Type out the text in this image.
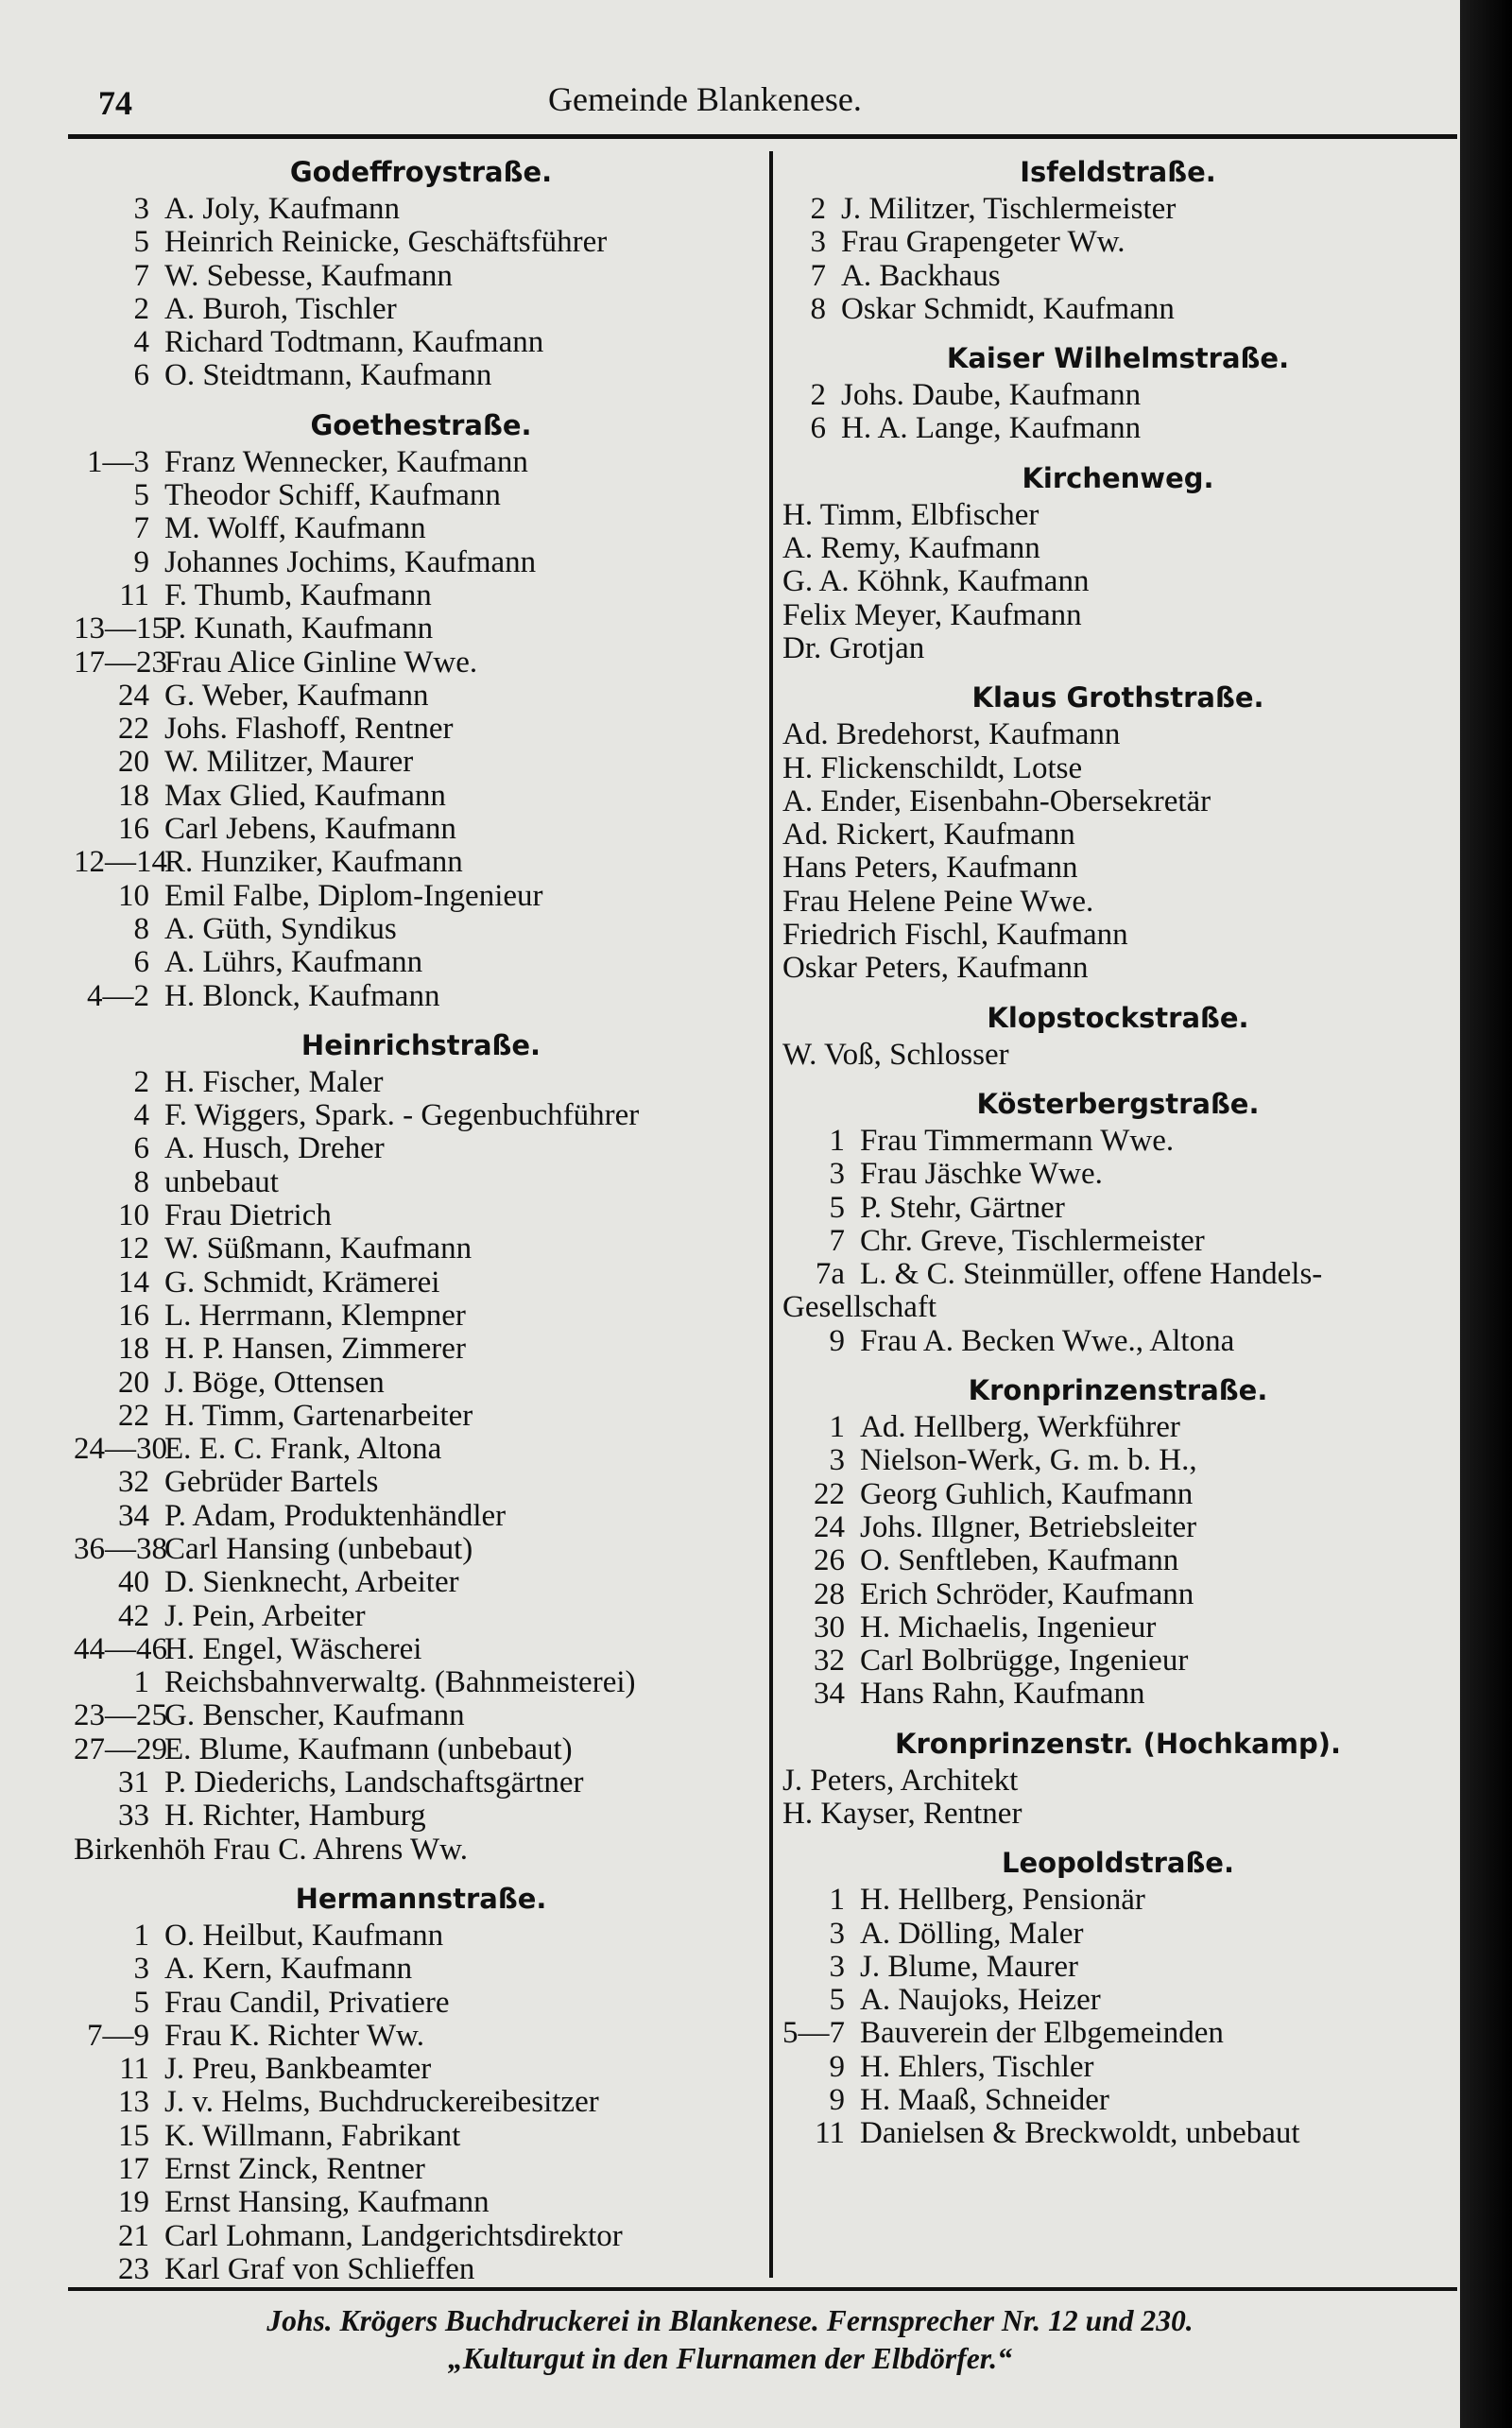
74	Gemeinde Blankenese.
Godeffroystraße.
3 A. Joly, Kaufmann
5 Heinrich Reinicke, Geschäftsführer
7 W. Sebesse, Kaufmann
2 A. Buroh, Tischler
4 Richard Todtmann, Kaufmann
6 O. Steidtmann, Kaufmann
Goethestraße.
1—3 Franz Wennecker, Kaufmann
5 Theodor Schiff, Kaufmann
7 M. Wolff, Kaufmann
9 Johannes Jochims, Kaufmann
11 F. Thumb, Kaufmann
13—15
P. Kunath, Kaufmann
17—23
Frau Alice Ginline Wwe.
24 G. Weber, Kaufmann
22 Johs. Flashoff, Rentner
20 W. Militzer, Maurer
18 Max Glied, Kaufmann
16 Carl Jebens, Kaufmann
12—14
R. Hunziker, Kaufmann
10 Emil Falbe, Diplom-Ingenieur
8 A. Güth, Syndikus
6 A. Lührs, Kaufmann
4—2 H. Blonck, Kaufmann
Heinrichstraße.
2 H. Fischer, Maler
4 F. Wiggers, Spark. - Gegenbuchführer
6 A. Husch, Dreher
8 unbebaut
10 Frau Dietrich
12 W. Süßmann, Kaufmann
14 G. Schmidt, Krämerei
16 L. Herrmann, Klempner
18 H. P. Hansen, Zimmerer
20 J. Böge, Ottensen
22 H. Timm, Gartenarbeiter
24—30
E. E. C. Frank, Altona
32 Gebrüder Bartels
34 P. Adam, Produktenhändler
36—38
Carl Hansing (unbebaut)
40 D. Sienknecht, Arbeiter
42 J. Pein, Arbeiter
44—46
H. Engel, Wäscherei
1 Reichsbahnverwaltg. (Bahnmeisterei)
23—25
G. Benscher, Kaufmann
27—29
E. Blume, Kaufmann (unbebaut)
31 P. Diederichs, Landschaftsgärtner
33 H. Richter, Hamburg
Birkenhöh Frau C. Ahrens Ww.
Hermannstraße.
1 O. Heilbut, Kaufmann
3 A. Kern, Kaufmann
5 Frau Candil, Privatiere
7—9 Frau K. Richter Ww.
11 J. Preu, Bankbeamter
13 J. v. Helms, Buchdruckereibesitzer
15 K. Willmann, Fabrikant
17 Ernst Zinck, Rentner
19 Ernst Hansing, Kaufmann
21 Carl Lohmann, Landgerichtsdirektor
23 Karl Graf von Schlieffen
Isfeldstraße.
2 J. Militzer, Tischlermeister
3 Frau Grapengeter Ww.
7 A. Backhaus
8 Oskar Schmidt, Kaufmann
Kaiser Wilhelmstraße.
2 Johs. Daube, Kaufmann
6 H. A. Lange, Kaufmann
Kirchenweg.
H. Timm, Elbfischer
A. Remy, Kaufmann
G. A. Köhnk, Kaufmann
Felix Meyer, Kaufmann
Dr. Grotjan
Klaus Grothstraße.
Ad. Bredehorst, Kaufmann
H. Flickenschildt, Lotse
A. Ender, Eisenbahn-Obersekretär
Ad. Rickert, Kaufmann
Hans Peters, Kaufmann
Frau Helene Peine Wwe.
Friedrich Fischl, Kaufmann
Oskar Peters, Kaufmann
Klopstockstraße.
W. Voß, Schlosser
Kösterbergstraße.
1 Frau Timmermann Wwe.
3 Frau Jäschke Wwe.
5 P. Stehr, Gärtner
7 Chr. Greve, Tischlermeister
7a L. & C. Steinmüller, offene Handels-
Gesellschaft
9 Frau A. Becken Wwe., Altona
Kronprinzenstraße.
1 Ad. Hellberg, Werkführer
3 Nielson-Werk, G. m. b. H.,
22 Georg Guhlich, Kaufmann
24 Johs. Illgner, Betriebsleiter
26 O. Senftleben, Kaufmann
28 Erich Schröder, Kaufmann
30 H. Michaelis, Ingenieur
32 Carl Bolbrügge, Ingenieur
34 Hans Rahn, Kaufmann
Kronprinzenstr. (Hochkamp).
J. Peters, Architekt
H. Kayser, Rentner
Leopoldstraße.
1 H. Hellberg, Pensionär
3 A. Dölling, Maler
3 J. Blume, Maurer
5 A. Naujoks, Heizer
5—7 Bauverein der Elbgemeinden
9 H. Ehlers, Tischler
9 H. Maaß, Schneider
11 Danielsen & Breckwoldt, unbebaut
Johs. Krögers Buchdruckerei in Blankenese. Fernsprecher Nr. 12 und 230.
„Kulturgut in den Flurnamen der Elbdörfer.“
